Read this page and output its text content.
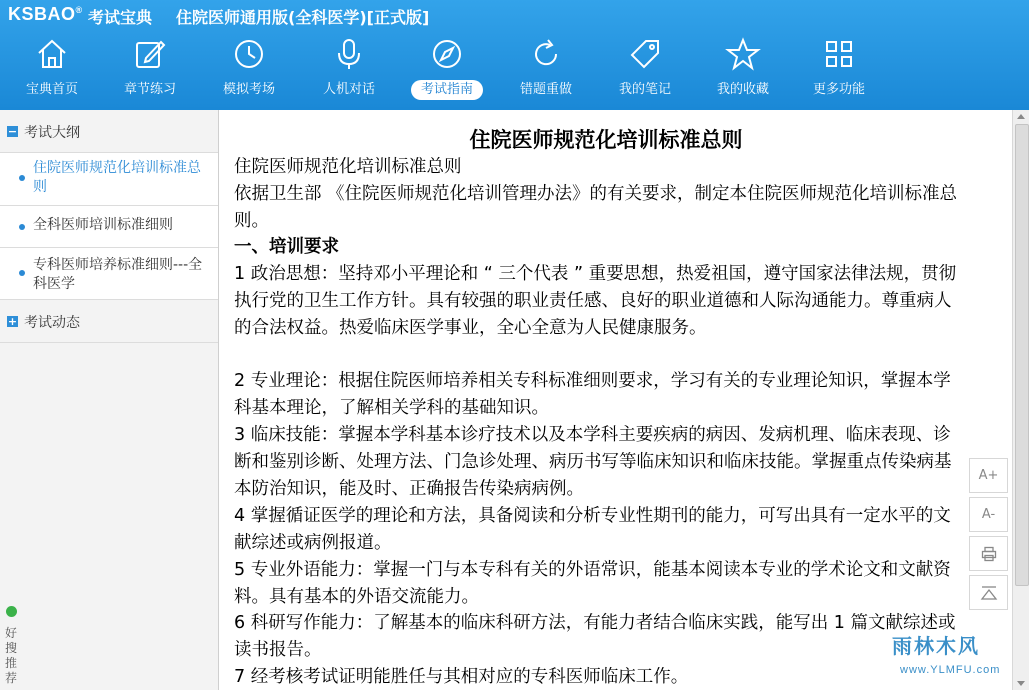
KSBAO® 考试宝典 住院医师通用版(全科医学)[正式版]
宝典首页	章节练习	模拟考场	人机对话	考试指南	错题重做	我的笔记	我的收藏	更多功能
− 考试大纲
住院医师规范化培训标准总则
全科医师培训标准细则
专科医师培养标准细则---全科医学
+ 考试动态
住院医师规范化培训标准总则
住院医师规范化培训标准总则
依据卫生部 《住院医师规范化培训管理办法》的有关要求，制定本住院医师规范化培训标准总则。
一、培训要求
1 政治思想：坚持邓小平理论和 “ 三个代表 ” 重要思想，热爱祖国，遵守国家法律法规，贯彻执行党的卫生工作方针。具有较强的职业责任感、良好的职业道德和人际沟通能力。尊重病人的合法权益。热爱临床医学事业，全心全意为人民健康服务。
2 专业理论：根据住院医师培养相关专科标准细则要求，学习有关的专业理论知识，掌握本学科基本理论，了解相关学科的基础知识。
3 临床技能：掌握本学科基本诊疗技术以及本学科主要疾病的病因、发病机理、临床表现、诊断和鉴别诊断、处理方法、门急诊处理、病历书写等临床知识和临床技能。掌握重点传染病基本防治知识，能及时、正确报告传染病病例。
4 掌握循证医学的理论和方法，具备阅读和分析专业性期刊的能力，可写出具有一定水平的文献综述或病例报道。
5 专业外语能力：掌握一门与本专科有关的外语常识，能基本阅读本专业的学术论文和文献资料。具有基本的外语交流能力。
6 科研写作能力：了解基本的临床科研方法，有能力者结合临床实践，能写出 1 篇文献综述或读书报告。
7 经考核考试证明能胜任与其相对应的专科医师临床工作。
A+
A-
好搜推荐
雨林木风
www.YLMFU.com
